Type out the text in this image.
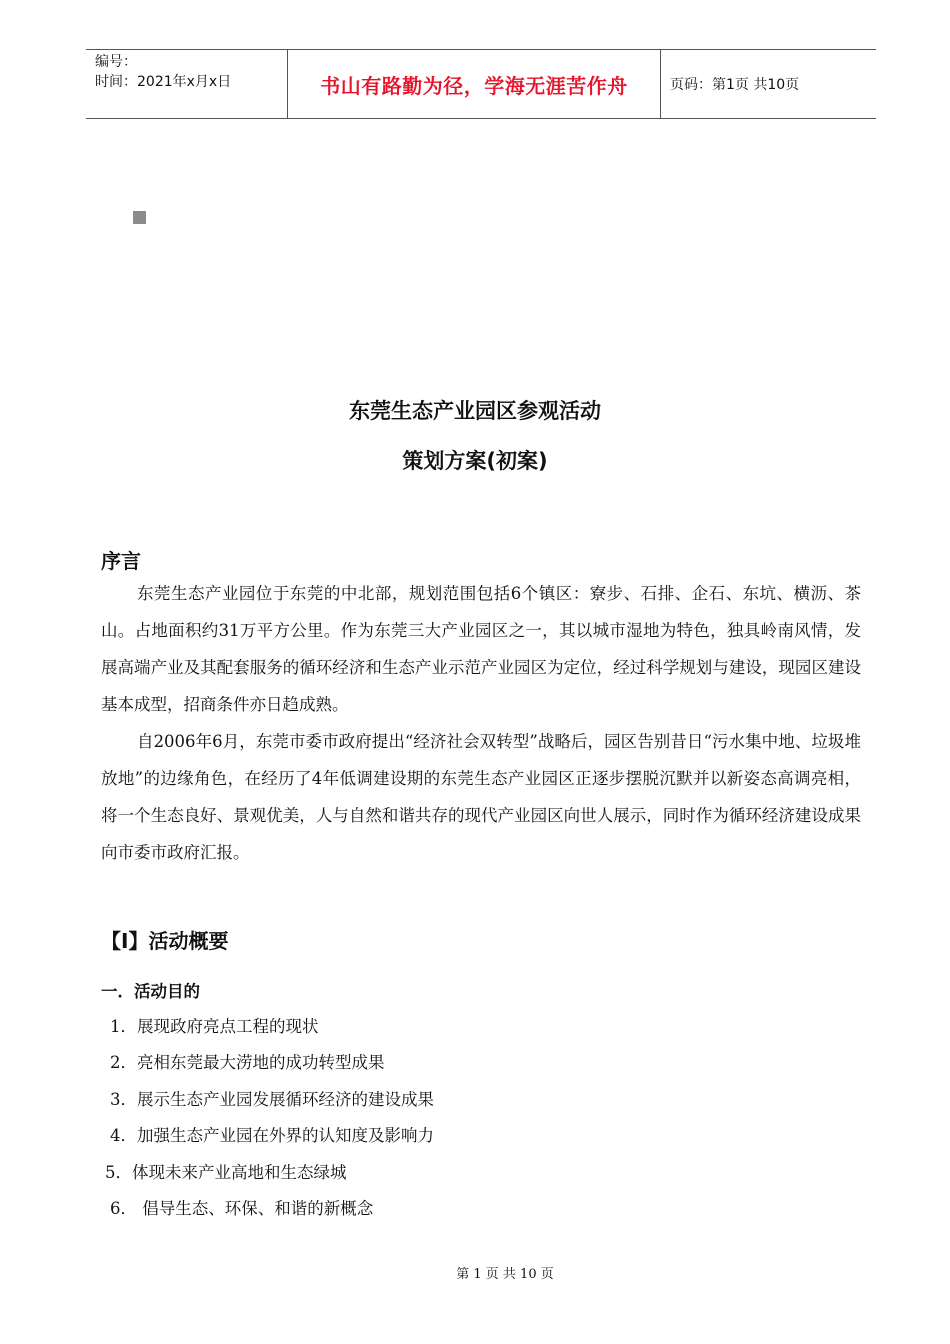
编号：
时间：2021年x月x日	书山有路勤为径，学海无涯苦作舟	页码：第1页 共10页
东莞生态产业园区参观活动
策划方案(初案)
序言
东莞生态产业园位于东莞的中北部，规划范围包括6个镇区：寮步、石排、企石、东坑、横沥、茶山。占地面积约31万平方公里。作为东莞三大产业园区之一，其以城市湿地为特色，独具岭南风情，发展高端产业及其配套服务的循环经济和生态产业示范产业园区为定位，经过科学规划与建设，现园区建设基本成型，招商条件亦日趋成熟。
自2006年6月，东莞市委市政府提出“经济社会双转型”战略后，园区告别昔日“污水集中地、垃圾堆放地”的边缘角色，在经历了4年低调建设期的东莞生态产业园区正逐步摆脱沉默并以新姿态高调亮相，将一个生态良好、景观优美，人与自然和谐共存的现代产业园区向世人展示，同时作为循环经济建设成果向市委市政府汇报。
【Ⅰ】活动概要
一．活动目的
1．展现政府亮点工程的现状
2．亮相东莞最大涝地的成功转型成果
3．展示生态产业园发展循环经济的建设成果
4．加强生态产业园在外界的认知度及影响力
5．体现未来产业高地和生态绿城
6． 倡导生态、环保、和谐的新概念
第 1 页 共 10 页
